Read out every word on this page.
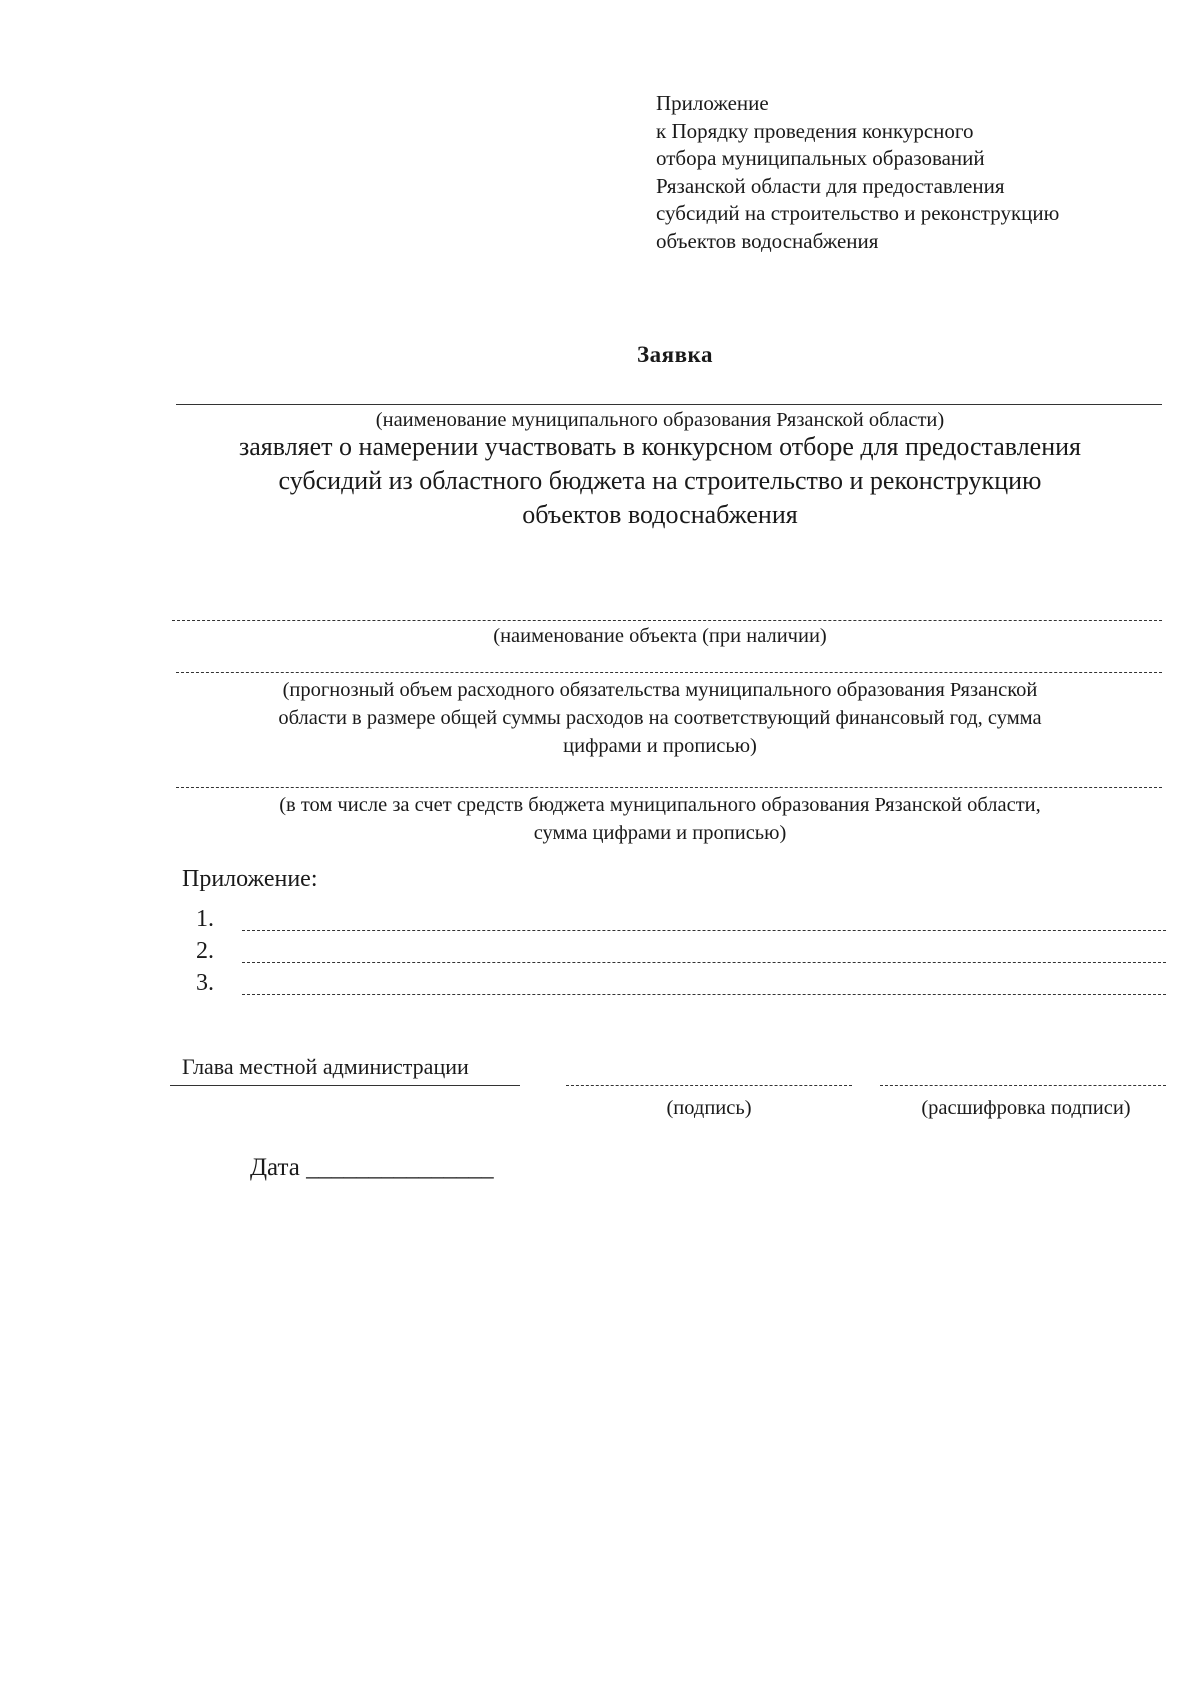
Приложение
к Порядку проведения конкурсного
отбора муниципальных образований
Рязанской области для предоставления
субсидий на строительство и реконструкцию
объектов водоснабжения
Заявка
(наименование муниципального образования Рязанской области)
заявляет о намерении участвовать в конкурсном отборе для предоставления
субсидий из областного бюджета на строительство и реконструкцию
объектов водоснабжения
(наименование объекта (при наличии)
(прогнозный объем расходного обязательства муниципального образования Рязанской
области в размере общей суммы расходов на соответствующий финансовый год, сумма
цифрами и прописью)
(в том числе за счет средств бюджета муниципального образования Рязанской области,
сумма цифрами и прописью)
Приложение:
1.
2.
3.
Глава местной администрации
(подпись)	(расшифровка подписи)
Дата _______________
